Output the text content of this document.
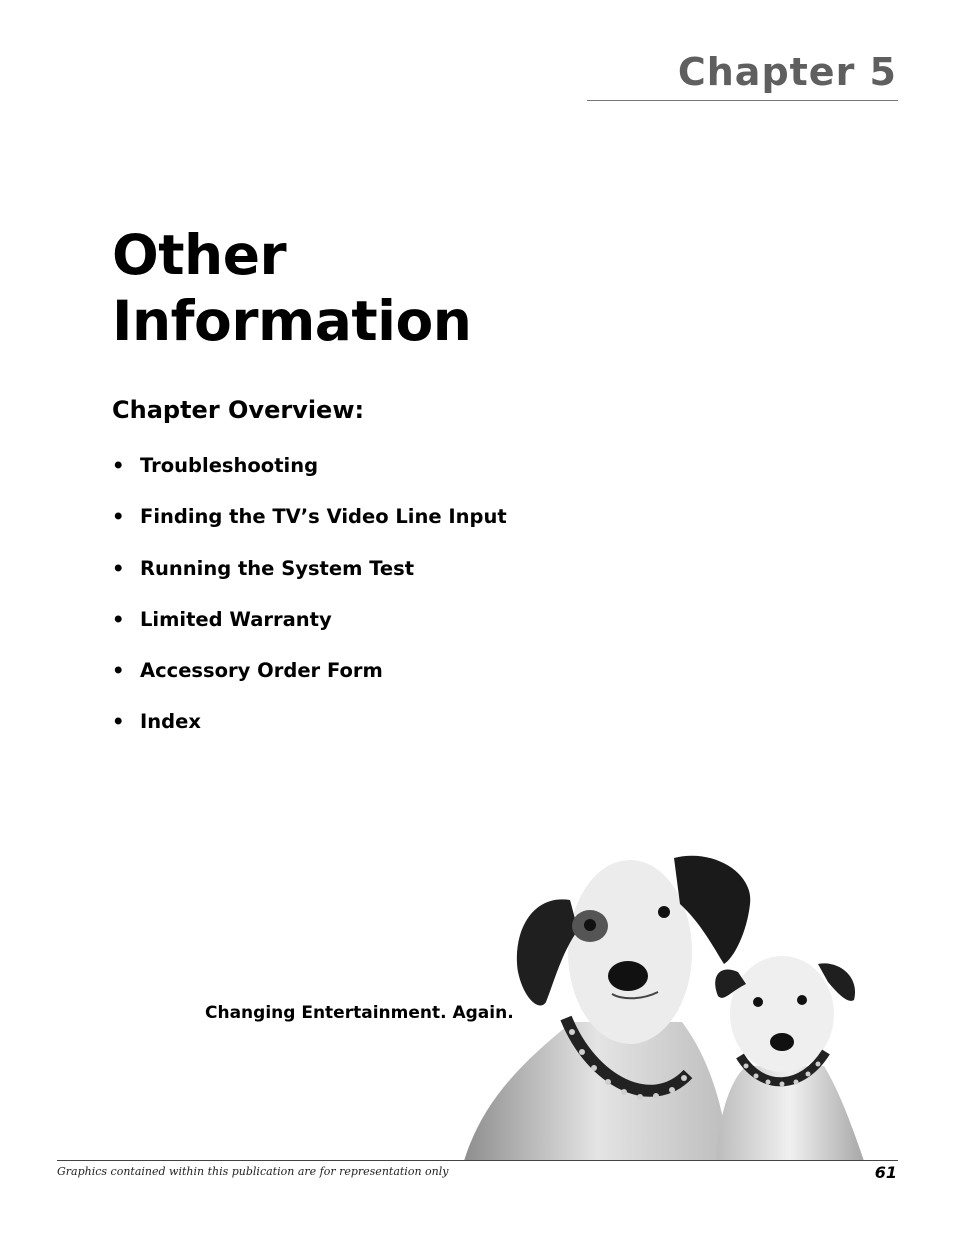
Chapter 5
Other
Information
Chapter Overview:
• Troubleshooting
• Finding the TV’s Video Line Input
• Running the System Test
• Limited Warranty
• Accessory Order Form
• Index
Changing Entertainment. Again.
Graphics contained within this publication are for representation only	61
